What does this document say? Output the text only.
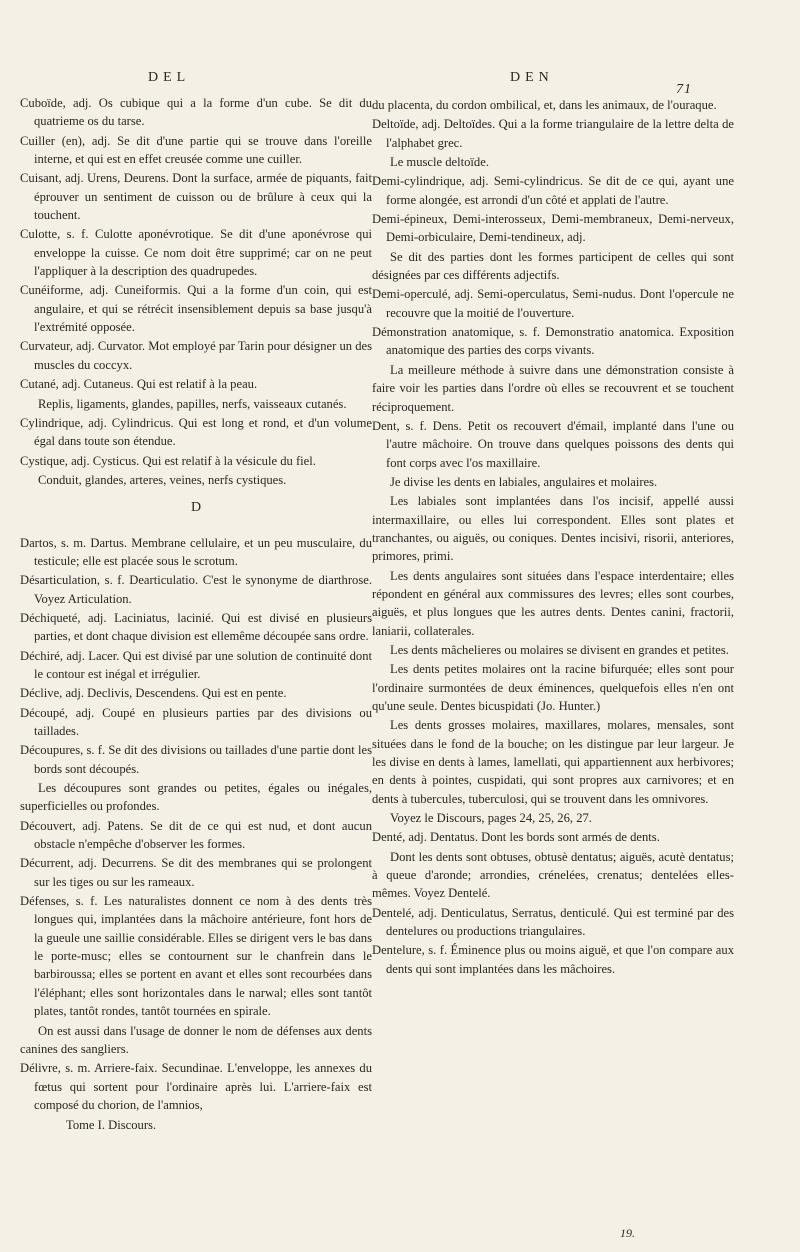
DEL	DEN
71

Cuboïde, adj. Os cubique qui a la forme d'un cube. Se dit du quatrieme os du tarse.

Cuiller (en), adj. Se dit d'une partie qui se trouve dans l'oreille interne, et qui est en effet creusée comme une cuiller.

Cuisant, adj. Urens, Deurens. Dont la surface, armée de piquants, fait éprouver un sentiment de cuisson ou de brûlure à ceux qui la touchent.

Culotte, s. f. Culotte aponévrotique. Se dit d'une aponévrose qui enveloppe la cuisse. Ce nom doit être supprimé; car on ne peut l'appliquer à la description des quadrupedes.

Cunéiforme, adj. Cuneiformis. Qui a la forme d'un coin, qui est angulaire, et qui se rétrécit insensiblement depuis sa base jusqu'à l'extrémité opposée.

Curvateur, adj. Curvator. Mot employé par Tarin pour désigner un des muscles du coccyx.

Cutané, adj. Cutaneus. Qui est relatif à la peau.

Replis, ligaments, glandes, papilles, nerfs, vaisseaux cutanés.

Cylindrique, adj. Cylindricus. Qui est long et rond, et d'un volume égal dans toute son étendue.

Cystique, adj. Cysticus. Qui est relatif à la vésicule du fiel.

Conduit, glandes, arteres, veines, nerfs cystiques.

D

Dartos, s. m. Dartus. Membrane cellulaire, et un peu musculaire, du testicule; elle est placée sous le scrotum.

Désarticulation, s. f. Dearticulatio. C'est le synonyme de diarthrose. Voyez Articulation.

Déchiqueté, adj. Laciniatus, lacinié. Qui est divisé en plusieurs parties, et dont chaque division est ellemême découpée sans ordre.

Déchiré, adj. Lacer. Qui est divisé par une solution de continuité dont le contour est inégal et irrégulier.

Déclive, adj. Declivis, Descendens. Qui est en pente.

Découpé, adj. Coupé en plusieurs parties par des divisions ou taillades.

Découpures, s. f. Se dit des divisions ou taillades d'une partie dont les bords sont découpés.

Les découpures sont grandes ou petites, égales ou inégales, superficielles ou profondes.

Découvert, adj. Patens. Se dit de ce qui est nud, et dont aucun obstacle n'empêche d'observer les formes.

Décurrent, adj. Decurrens. Se dit des membranes qui se prolongent sur les tiges ou sur les rameaux.

Défenses, s. f. Les naturalistes donnent ce nom à des dents très longues qui, implantées dans la mâchoire antérieure, font hors de la gueule une saillie considérable. Elles se dirigent vers le bas dans le porte-musc; elles se contournent sur le chanfrein dans le barbiroussa; elles se portent en avant et elles sont recourbées dans l'éléphant; elles sont horizontales dans le narwal; elles sont tantôt plates, tantôt rondes, tantôt tournées en spirale.

On est aussi dans l'usage de donner le nom de défenses aux dents canines des sangliers.

Délivre, s. m. Arriere-faix. Secundinae. L'enveloppe, les annexes du fœtus qui sortent pour l'ordinaire après lui. L'arriere-faix est composé du chorion, de l'amnios,

Tome I. Discours.

du placenta, du cordon ombilical, et, dans les animaux, de l'ouraque.

Deltoïde, adj. Deltoïdes. Qui a la forme triangulaire de la lettre delta de l'alphabet grec.

Le muscle deltoïde.

Demi-cylindrique, adj. Semi-cylindricus. Se dit de ce qui, ayant une forme alongée, est arrondi d'un côté et applati de l'autre.

Demi-épineux, Demi-interosseux, Demi-membraneux, Demi-nerveux, Demi-orbiculaire, Demi-tendineux, adj.

Se dit des parties dont les formes participent de celles qui sont désignées par ces différents adjectifs.

Demi-operculé, adj. Semi-operculatus, Semi-nudus. Dont l'opercule ne recouvre que la moitié de l'ouverture.

Démonstration anatomique, s. f. Demonstratio anatomica. Exposition anatomique des parties des corps vivants.

La meilleure méthode à suivre dans une démonstration consiste à faire voir les parties dans l'ordre où elles se recouvrent et se touchent réciproquement.

Dent, s. f. Dens. Petit os recouvert d'émail, implanté dans l'une ou l'autre mâchoire. On trouve dans quelques poissons des dents qui font corps avec l'os maxillaire.

Je divise les dents en labiales, angulaires et molaires.

Les labiales sont implantées dans l'os incisif, appellé aussi intermaxillaire, ou elles lui correspondent. Elles sont plates et tranchantes, ou aiguës, ou coniques. Dentes incisivi, risorii, anteriores, primores, primi.

Les dents angulaires sont situées dans l'espace interdentaire; elles répondent en général aux commissures des levres; elles sont courbes, aiguës, et plus longues que les autres dents. Dentes canini, fractorii, laniarii, collaterales.

Les dents mâchelieres ou molaires se divisent en grandes et petites.

Les dents petites molaires ont la racine bifurquée; elles sont pour l'ordinaire surmontées de deux éminences, quelquefois elles n'en ont qu'une seule. Dentes bicuspidati (Jo. Hunter.)

Les dents grosses molaires, maxillares, molares, mensales, sont situées dans le fond de la bouche; on les distingue par leur largeur. Je les divise en dents à lames, lamellati, qui appartiennent aux herbivores; en dents à pointes, cuspidati, qui sont propres aux carnivores; et en dents à tubercules, tuberculosi, qui se trouvent dans les omnivores.

Voyez le Discours, pages 24, 25, 26, 27.

Denté, adj. Dentatus. Dont les bords sont armés de dents.

Dont les dents sont obtuses, obtusè dentatus; aiguës, acutè dentatus; à queue d'aronde; arrondies, crénelées, crenatus; dentelées elles-mêmes. Voyez Dentelé.

Dentelé, adj. Denticulatus, Serratus, denticulé. Qui est terminé par des dentelures ou productions triangulaires.

Dentelure, s. f. Éminence plus ou moins aiguë, et que l'on compare aux dents qui sont implantées dans les mâchoires.

19.
